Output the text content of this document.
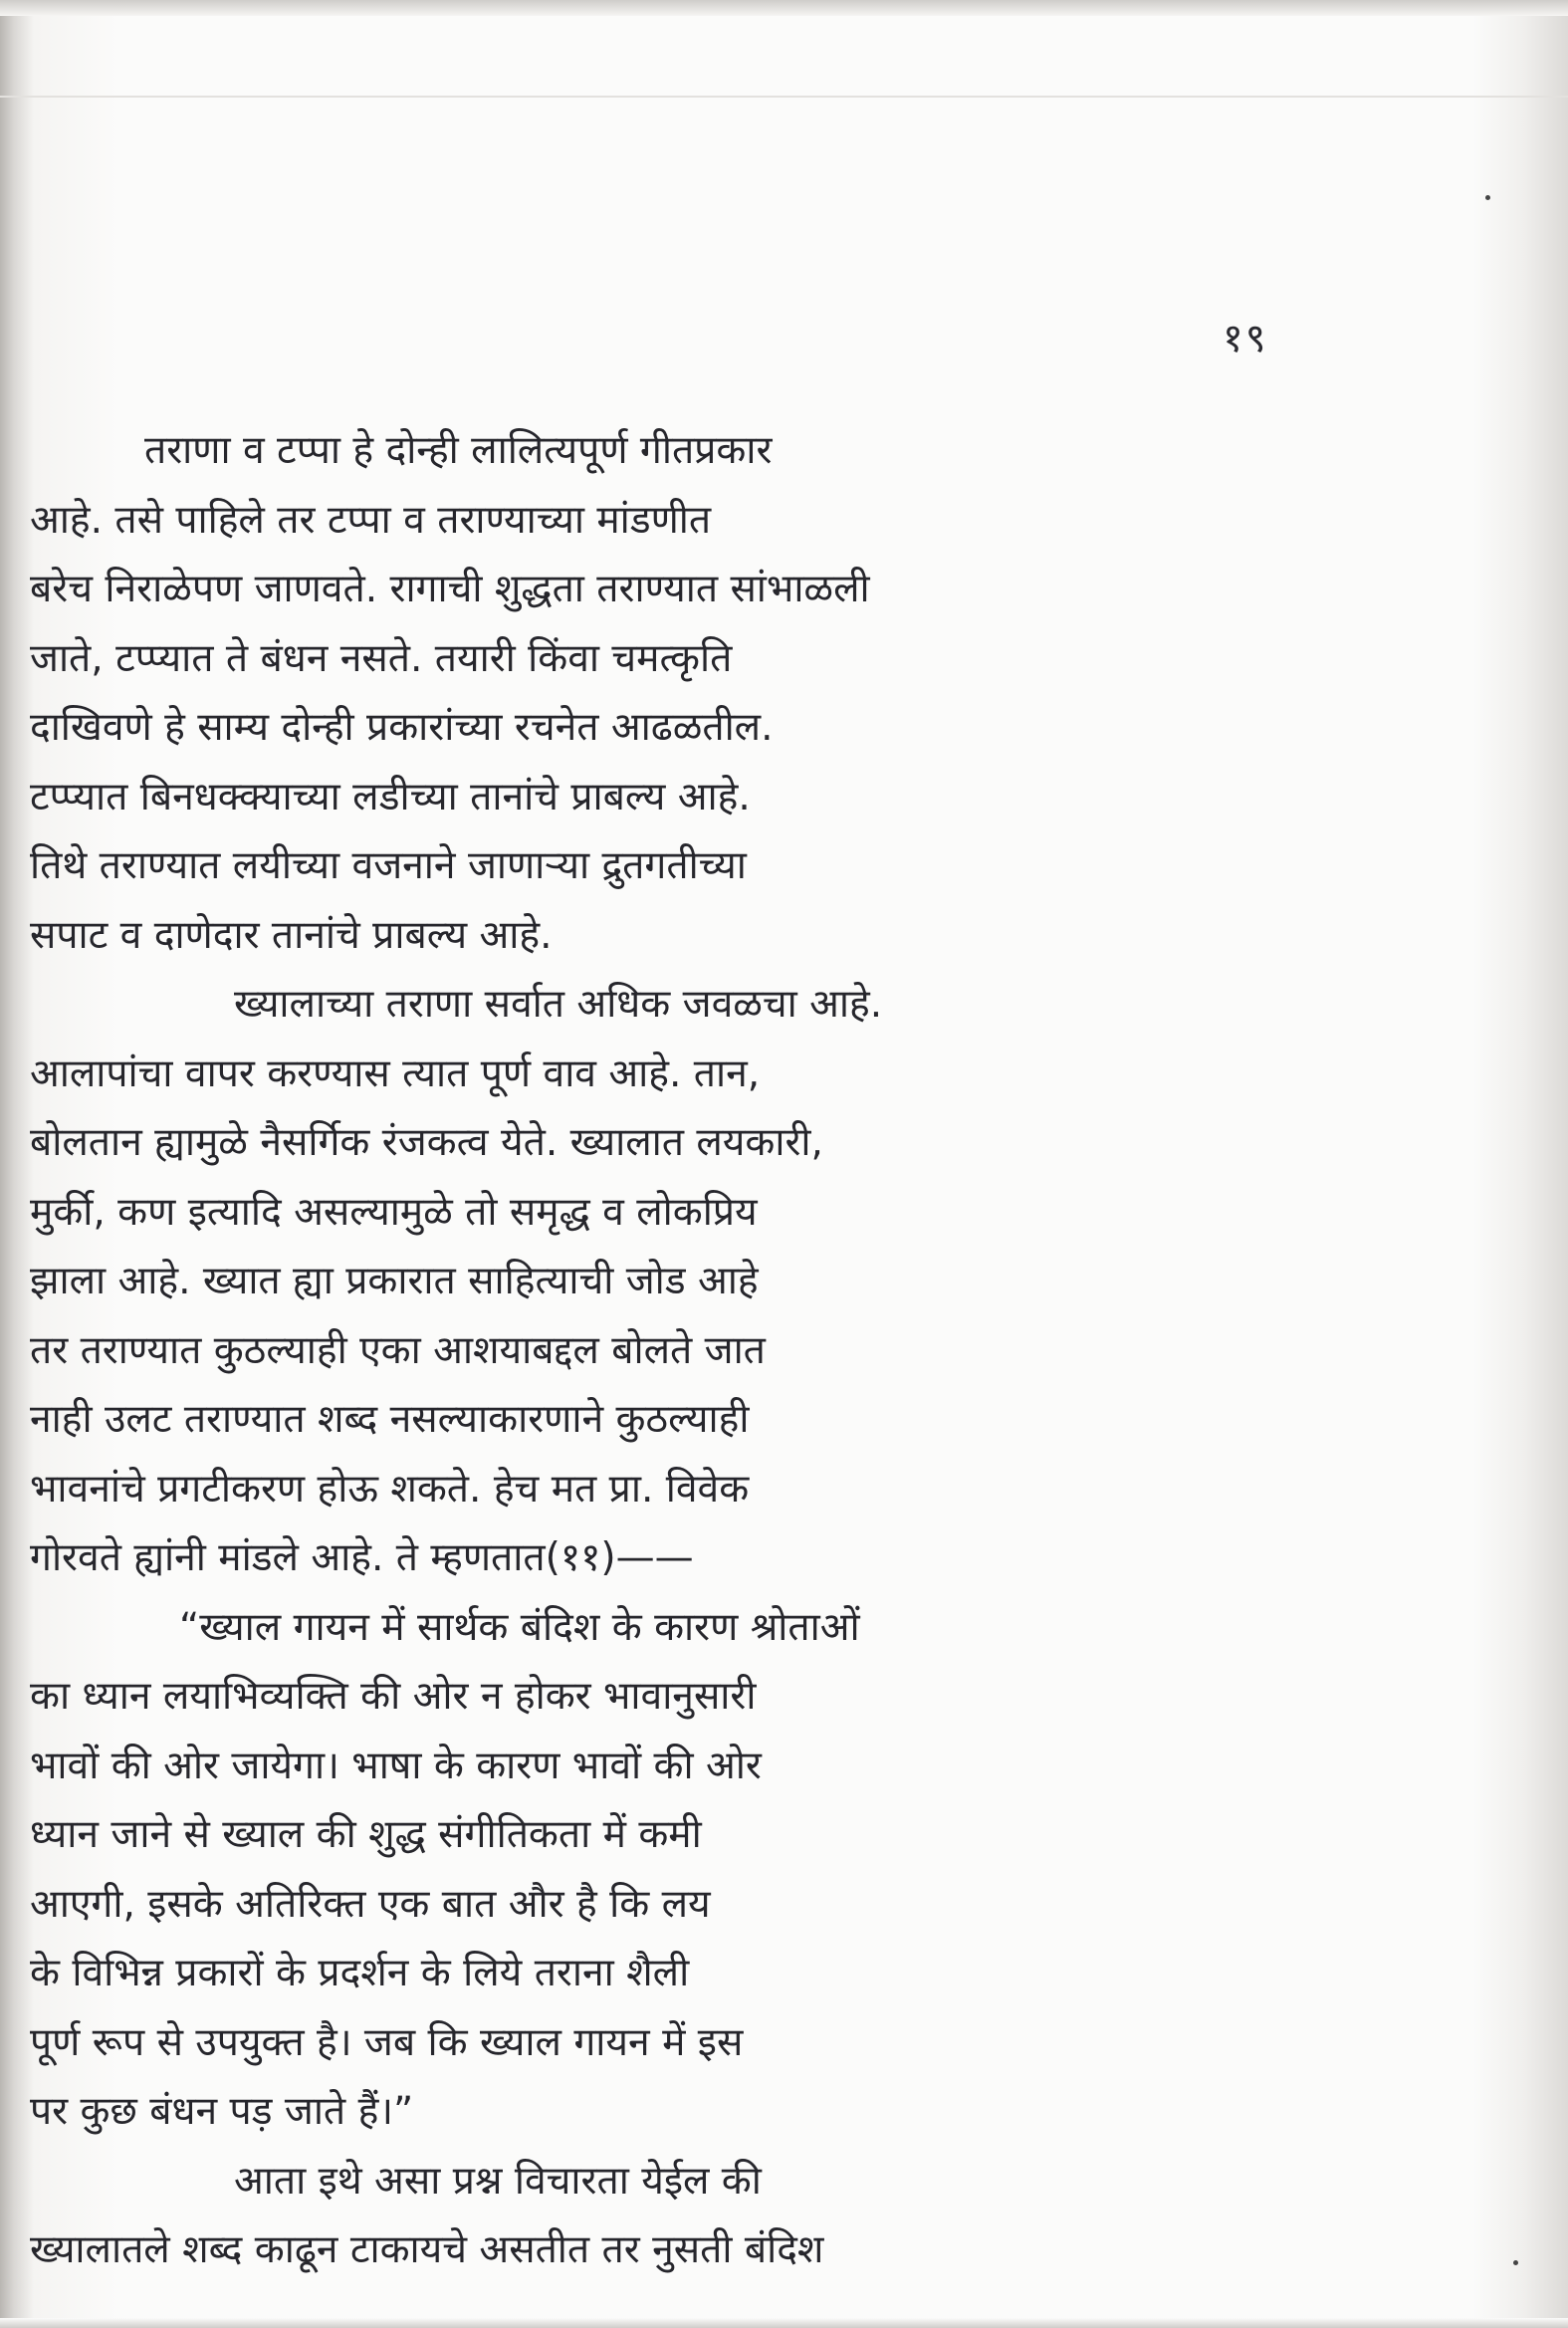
१९
तराणा व टप्पा हे दोन्ही लालित्यपूर्ण गीतप्रकार
आहे. तसे पाहिले तर टप्पा व तराण्याच्या मांडणीत
बरेच निराळेपण जाणवते. रागाची शुद्धता तराण्यात सांभाळली
जाते, टप्प्यात ते बंधन नसते. तयारी किंवा चमत्कृति
दाखिवणे हे साम्य दोन्ही प्रकारांच्या रचनेत आढळतील.
टप्प्यात बिनधक्क्याच्या लडीच्या तानांचे प्राबल्य आहे.
तिथे तराण्यात लयीच्या वजनाने जाणाऱ्या द्रुतगतीच्या
सपाट व दाणेदार तानांचे प्राबल्य आहे.
ख्यालाच्या तराणा सर्वात अधिक जवळचा आहे.
आलापांचा वापर करण्यास त्यात पूर्ण वाव आहे. तान,
बोलतान ह्यामुळे नैसर्गिक रंजकत्व येते. ख्यालात लयकारी,
मुर्की, कण इत्यादि असल्यामुळे तो समृद्ध व लोकप्रिय
झाला आहे. ख्यात ह्या प्रकारात साहित्याची जोड आहे
तर तराण्यात कुठल्याही एका आशयाबद्दल बोलते जात
नाही उलट तराण्यात शब्द नसल्याकारणाने कुठल्याही
भावनांचे प्रगटीकरण होऊ शकते. हेच मत प्रा. विवेक
गोरवते ह्यांनी मांडले आहे. ते म्हणतात(११)——
“ख्याल गायन में सार्थक बंदिश के कारण श्रोताओं
का ध्यान लयाभिव्यक्ति की ओर न होकर भावानुसारी
भावों की ओर जायेगा। भाषा के कारण भावों की ओर
ध्यान जाने से ख्याल की शुद्ध संगीतिकता में कमी
आएगी, इसके अतिरिक्त एक बात और है कि लय
के विभिन्न प्रकारों के प्रदर्शन के लिये तराना शैली
पूर्ण रूप से उपयुक्त है। जब कि ख्याल गायन में इस
पर कुछ बंधन पड़ जाते हैं।”
आता इथे असा प्रश्न विचारता येईल की
ख्यालातले शब्द काढून टाकायचे असतीत तर नुसती बंदिश
